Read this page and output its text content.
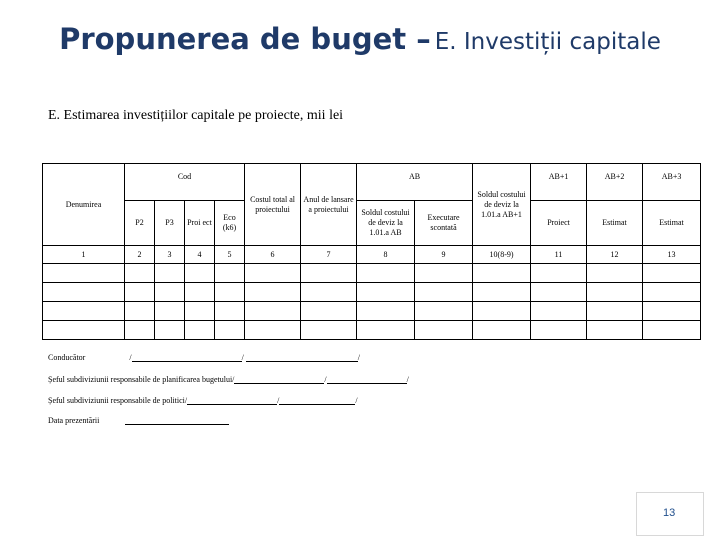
Propunerea de buget – E. Investiții capitale
E. Estimarea investițiilor capitale pe proiecte, mii lei
Denumirea	Cod				Costul total al proiectului	Anul de lansare a proiectului	AB		Soldul costului de deviz la 1.01.a AB+1	AB+1	AB+2	AB+3
	P2	P3	Proi ect	Eco (k6)			Soldul costului de deviz la 1.01.a AB	Executare scontată		Proiect	Estimat	Estimat
1	2	3	4	5	6	7	8	9	10(8-9)	11	12	13

Conducător	/	/	/
Șeful subdiviziunii responsabile de planificarea bugetului/	/	/
Șeful subdiviziunii responsabile de politici/	/	/
Data prezentării
13
